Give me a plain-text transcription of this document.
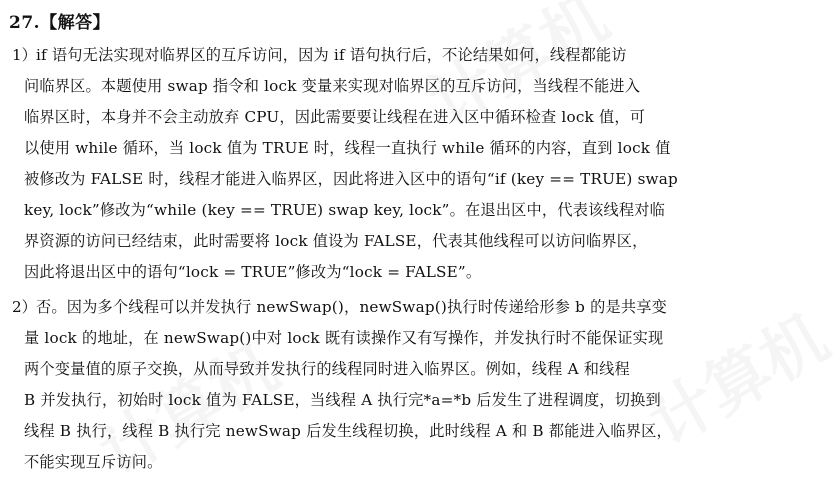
27.【解答】
1） if 语句无法实现对临界区的互斥访问，因为 if 语句执行后，不论结果如何，线程都能访
问临界区。本题使用 swap 指令和 lock 变量来实现对临界区的互斥访问，当线程不能进入
临界区时，本身并不会主动放弃 CPU，因此需要要让线程在进入区中循环检查 lock 值，可
以使用 while 循环，当 lock 值为 TRUE 时，线程一直执行 while 循环的内容，直到 lock 值
被修改为 FALSE 时，线程才能进入临界区，因此将进入区中的语句“if (key == TRUE) swap
key, lock”修改为“while (key == TRUE) swap key, lock”。在退出区中，代表该线程对临
界资源的访问已经结束，此时需要将 lock 值设为 FALSE，代表其他线程可以访问临界区，
因此将退出区中的语句“lock = TRUE”修改为“lock = FALSE”。
2） 否。因为多个线程可以并发执行 newSwap()，newSwap()执行时传递给形参 b 的是共享变
量 lock 的地址，在 newSwap()中对 lock 既有读操作又有写操作，并发执行时不能保证实现
两个变量值的原子交换，从而导致并发执行的线程同时进入临界区。例如，线程 A 和线程
B 并发执行，初始时 lock 值为 FALSE，当线程 A 执行完*a=*b 后发生了进程调度，切换到
线程 B 执行，线程 B 执行完 newSwap 后发生线程切换，此时线程 A 和 B 都能进入临界区，
不能实现互斥访问。
